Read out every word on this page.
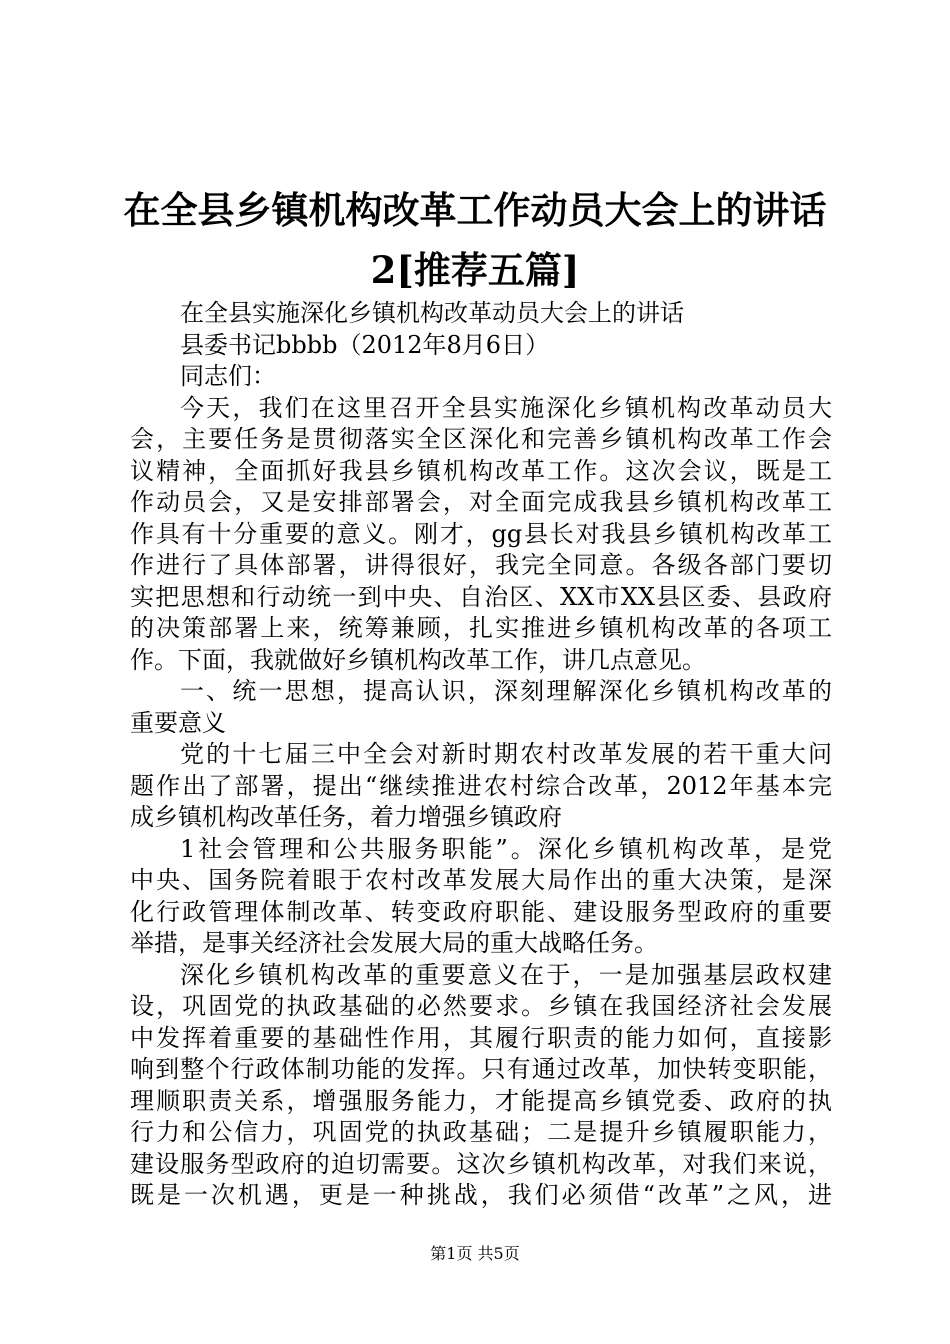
在全县乡镇机构改革工作动员大会上的讲话
2[推荐五篇]
在全县实施深化乡镇机构改革动员大会上的讲话
县委书记bbbb（2012年8月6日）
同志们：
今天，我们在这里召开全县实施深化乡镇机构改革动员大
会，主要任务是贯彻落实全区深化和完善乡镇机构改革工作会
议精神，全面抓好我县乡镇机构改革工作。这次会议，既是工
作动员会，又是安排部署会，对全面完成我县乡镇机构改革工
作具有十分重要的意义。刚才，gg县长对我县乡镇机构改革工
作进行了具体部署，讲得很好，我完全同意。各级各部门要切
实把思想和行动统一到中央、自治区、XX市XX县区委、县政府
的决策部署上来，统筹兼顾，扎实推进乡镇机构改革的各项工
作。下面，我就做好乡镇机构改革工作，讲几点意见。
一、统一思想，提高认识，深刻理解深化乡镇机构改革的
重要意义
党的十七届三中全会对新时期农村改革发展的若干重大问
题作出了部署，提出“继续推进农村综合改革，2012年基本完
成乡镇机构改革任务，着力增强乡镇政府
1社会管理和公共服务职能”。深化乡镇机构改革，是党
中央、国务院着眼于农村改革发展大局作出的重大决策，是深
化行政管理体制改革、转变政府职能、建设服务型政府的重要
举措，是事关经济社会发展大局的重大战略任务。
深化乡镇机构改革的重要意义在于，一是加强基层政权建
设，巩固党的执政基础的必然要求。乡镇在我国经济社会发展
中发挥着重要的基础性作用，其履行职责的能力如何，直接影
响到整个行政体制功能的发挥。只有通过改革，加快转变职能，
理顺职责关系，增强服务能力，才能提高乡镇党委、政府的执
行力和公信力，巩固党的执政基础；二是提升乡镇履职能力，
建设服务型政府的迫切需要。这次乡镇机构改革，对我们来说，
既是一次机遇，更是一种挑战，我们必须借“改革”之风，进
第1页 共5页
